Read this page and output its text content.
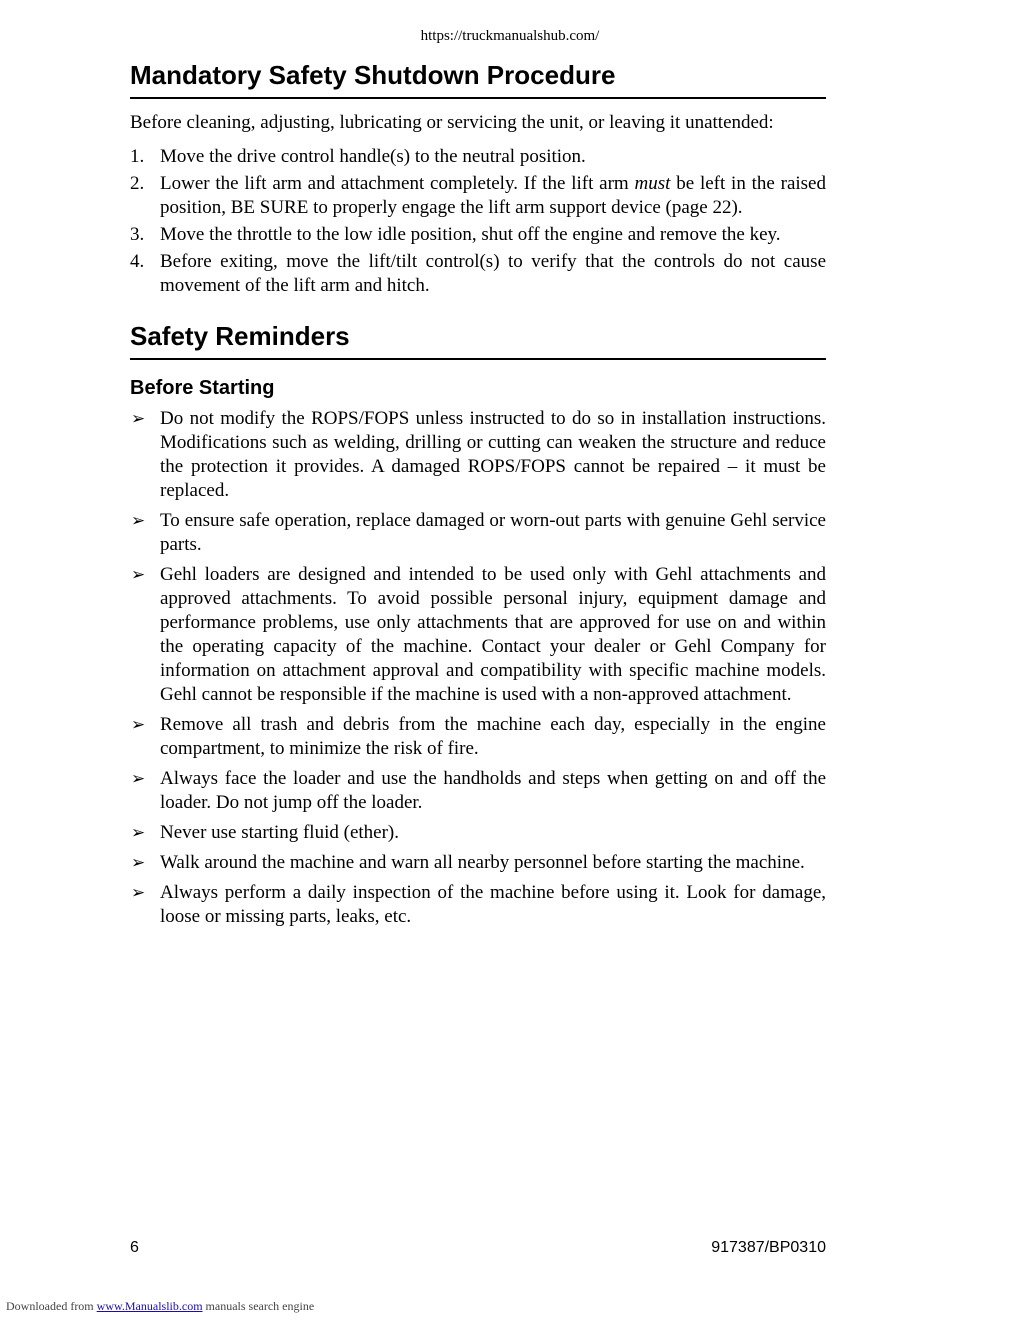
https://truckmanualshub.com/
Mandatory Safety Shutdown Procedure

Before cleaning, adjusting, lubricating or servicing the unit, or leaving it unattended:

1. Move the drive control handle(s) to the neutral position.
2. Lower the lift arm and attachment completely. If the lift arm must be left in the raised position, BE SURE to properly engage the lift arm support device (page 22).
3. Move the throttle to the low idle position, shut off the engine and remove the key.
4. Before exiting, move the lift/tilt control(s) to verify that the controls do not cause movement of the lift arm and hitch.
Safety Reminders
Before Starting
➢ Do not modify the ROPS/FOPS unless instructed to do so in installation instructions. Modifications such as welding, drilling or cutting can weaken the structure and reduce the protection it provides. A damaged ROPS/FOPS cannot be repaired – it must be replaced.
➢ To ensure safe operation, replace damaged or worn-out parts with genuine Gehl service parts.
➢ Gehl loaders are designed and intended to be used only with Gehl attachments and approved attachments. To avoid possible personal injury, equipment damage and performance problems, use only attachments that are approved for use on and within the operating capacity of the machine. Contact your dealer or Gehl Company for information on attachment approval and compatibility with specific machine models. Gehl cannot be responsible if the machine is used with a non-approved attachment.
➢ Remove all trash and debris from the machine each day, especially in the engine compartment, to minimize the risk of fire.
➢ Always face the loader and use the handholds and steps when getting on and off the loader. Do not jump off the loader.
➢ Never use starting fluid (ether).
➢ Walk around the machine and warn all nearby personnel before starting the machine.
➢ Always perform a daily inspection of the machine before using it. Look for damage, loose or missing parts, leaks, etc.
6	917387/BP0310
Downloaded from www.Manualslib.com manuals search engine
